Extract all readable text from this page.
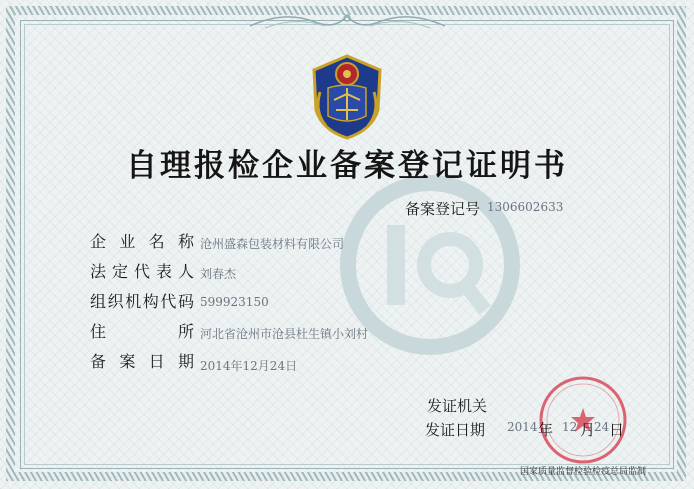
自理报检企业备案登记证明书
备案登记号 1306602633
企 业 名 称 沧州盛森包装材料有限公司
法 定 代 表 人 刘春杰
组 织 机 构 代 码 599923150
住	所 河北省沧州市沧县杜生镇小刘村
备 案 日 期 2014年12月24日
发证机关
发证日期 2014 年 12 月
24 日
国家质量监督检验检疫总局监制
